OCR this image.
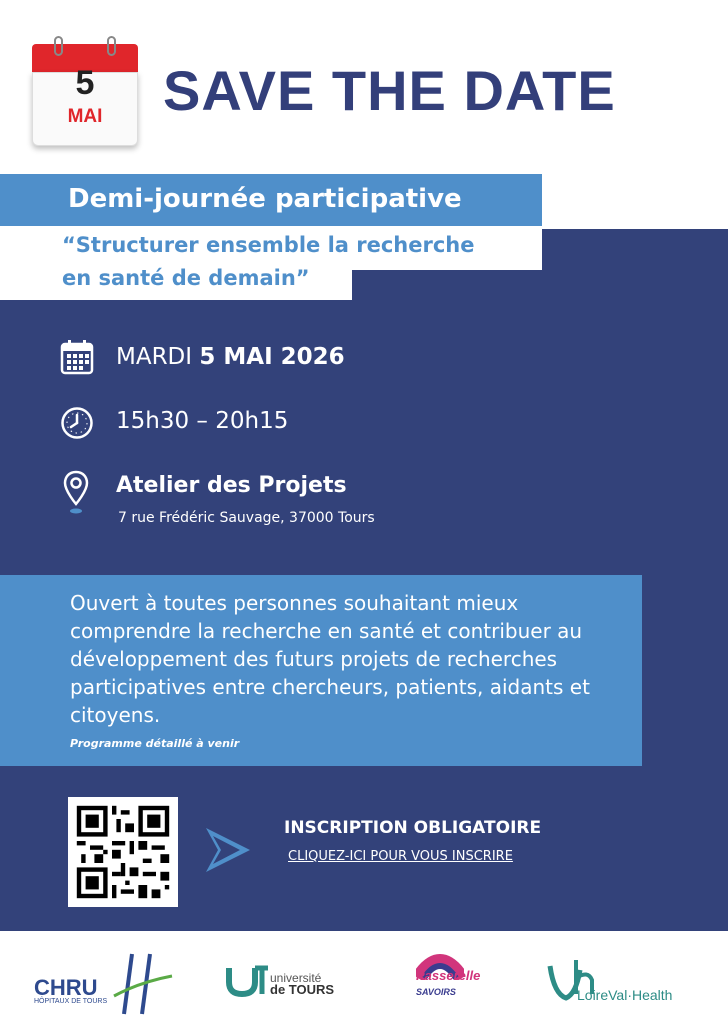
5
MAI	SAVE THE DATE
Demi-journée participative
“Structurer ensemble la recherche
en santé de demain”
MARDI 5 MAI 2026
15h30 – 20h15
Atelier des Projets
7 rue Frédéric Sauvage, 37000 Tours
Ouvert à toutes personnes souhaitant mieux comprendre la recherche en santé et contribuer au développement des futurs projets de recherches participatives entre chercheurs, patients, aidants et citoyens.
Programme détaillé à venir
INSCRIPTION OBLIGATOIRE
CLIQUEZ-ICI POUR VOUS INSCRIRE
CHRU
HÔPITAUX DE TOURS
université
de TOURS
Passerelle
SAVOIRS	LoireVal·Health
